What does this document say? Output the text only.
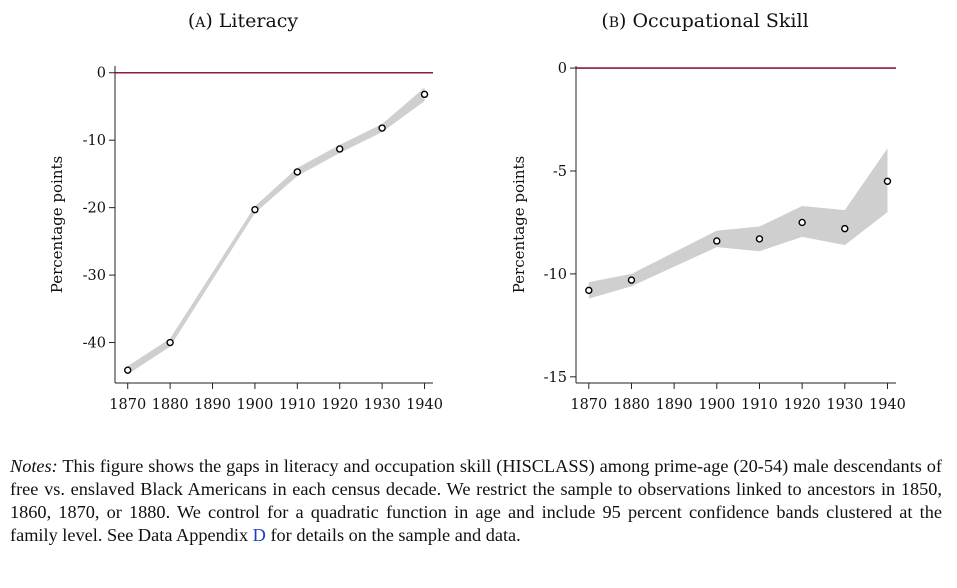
(A) Literacy
Percentage points
0
-10
-20
-30
-40
1870 1880 1890 1900 1910 1920 1930 1940
(B) Occupational Skill
Percentage points
0
-5
-10
-15
1870 1880 1890 1900 1910 1920 1930 1940
Notes: This figure shows the gaps in literacy and occupation skill (HISCLASS) among prime-age (20-54) male descendants of free vs. enslaved Black Americans in each census decade. We restrict the sample to observations linked to ancestors in 1850, 1860, 1870, or 1880. We control for a quadratic function in age and include 95 percent confidence bands clustered at the family level. See Data Appendix D for details on the sample and data.
